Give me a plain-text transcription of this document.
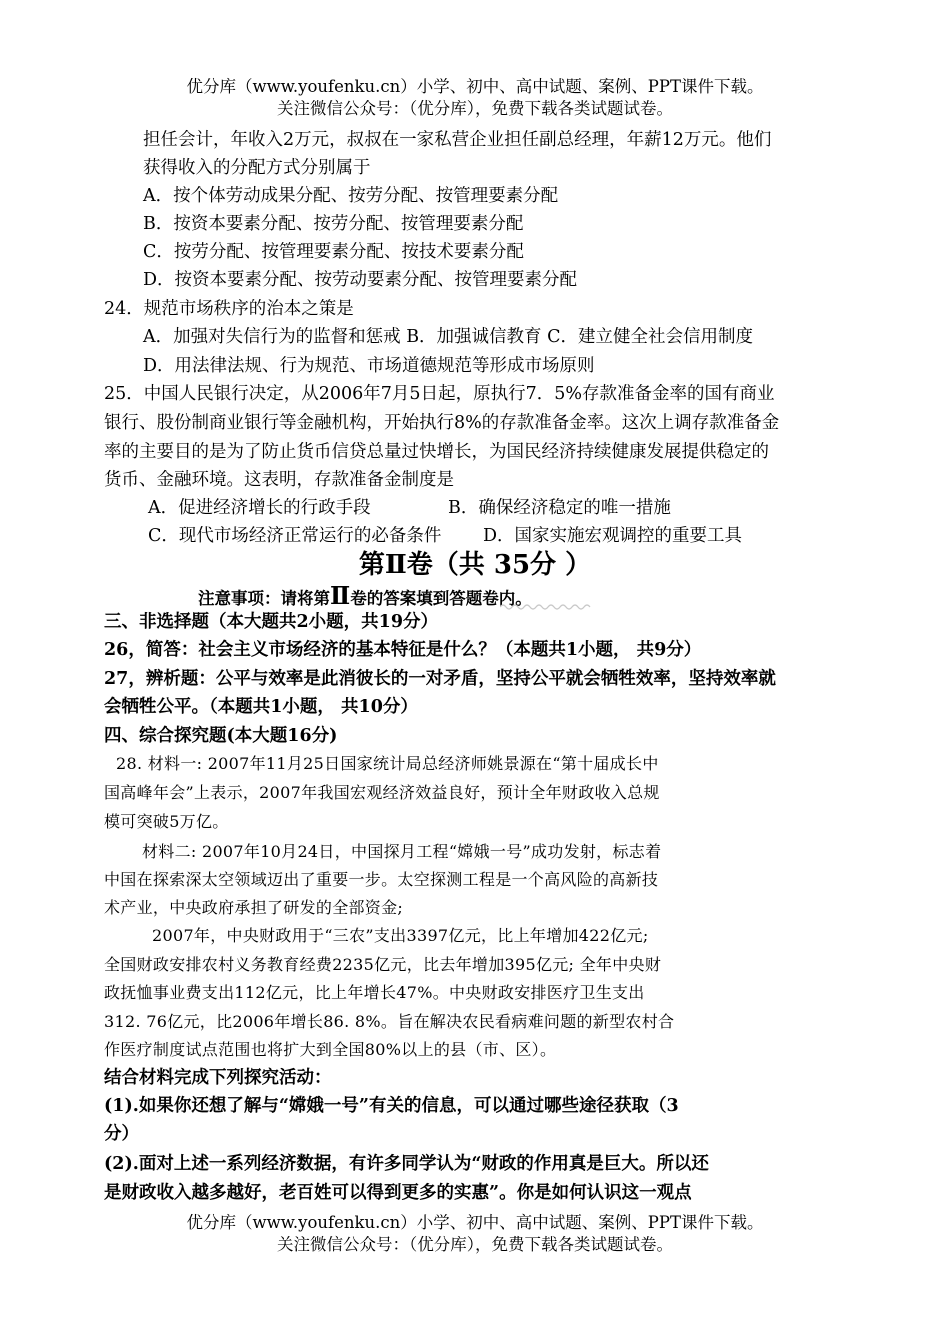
优分库（www.youfenku.cn）小学、初中、高中试题、案例、PPT课件下载。
关注微信公众号：（优分库），免费下载各类试题试卷。
担任会计，年收入2万元，叔叔在一家私营企业担任副总经理，年薪12万元。他们
获得收入的分配方式分别属于
A．按个体劳动成果分配、按劳分配、按管理要素分配
B．按资本要素分配、按劳分配、按管理要素分配
C．按劳分配、按管理要素分配、按技术要素分配
D．按资本要素分配、按劳动要素分配、按管理要素分配
24．规范市场秩序的治本之策是
A．加强对失信行为的监督和惩戒 B．加强诚信教育 C．建立健全社会信用制度
D．用法律法规、行为规范、市场道德规范等形成市场原则
25．中国人民银行决定，从2006年7月5日起，原执行7．5%存款准备金率的国有商业
银行、股份制商业银行等金融机构，开始执行8%的存款准备金率。这次上调存款准备金
率的主要目的是为了防止货币信贷总量过快增长，为国民经济持续健康发展提供稳定的
货币、金融环境。这表明，存款准备金制度是
A．促进经济增长的行政手段	B．确保经济稳定的唯一措施
C．现代市场经济正常运行的必备条件 D．国家实施宏观调控的重要工具
第Ⅱ卷（共 35分 ）
注意事项：请将第Ⅱ卷的答案填到答题卷内。
三、非选择题（本大题共2小题，共19分）
26，简答：社会主义市场经济的基本特征是什么？（本题共1小题， 共9分）
27，辨析题：公平与效率是此消彼长的一对矛盾，坚持公平就会牺牲效率，坚持效率就
会牺牲公平。（本题共1小题， 共10分）
四、综合探究题(本大题16分)
28. 材料一: 2007年11月25日国家统计局总经济师姚景源在“第十届成长中
国高峰年会”上表示，2007年我国宏观经济效益良好，预计全年财政收入总规
模可突破5万亿。
材料二: 2007年10月24日，中国探月工程“嫦娥一号”成功发射，标志着
中国在探索深太空领域迈出了重要一步。太空探测工程是一个高风险的高新技
术产业，中央政府承担了研发的全部资金;
2007年，中央财政用于“三农”支出3397亿元，比上年增加422亿元;
全国财政安排农村义务教育经费2235亿元，比去年增加395亿元; 全年中央财
政抚恤事业费支出112亿元，比上年增长47%。中央财政安排医疗卫生支出
312. 76亿元，比2006年增长86. 8%。旨在解决农民看病难问题的新型农村合
作医疗制度试点范围也将扩大到全国80%以上的县（市、区）。
结合材料完成下列探究活动：
(1).如果你还想了解与“嫦娥一号”有关的信息，可以通过哪些途径获取（3
分）
(2).面对上述一系列经济数据，有许多同学认为“财政的作用真是巨大。所以还
是财政收入越多越好，老百姓可以得到更多的实惠”。你是如何认识这一观点
优分库（www.youfenku.cn）小学、初中、高中试题、案例、PPT课件下载。
关注微信公众号：（优分库），免费下载各类试题试卷。
